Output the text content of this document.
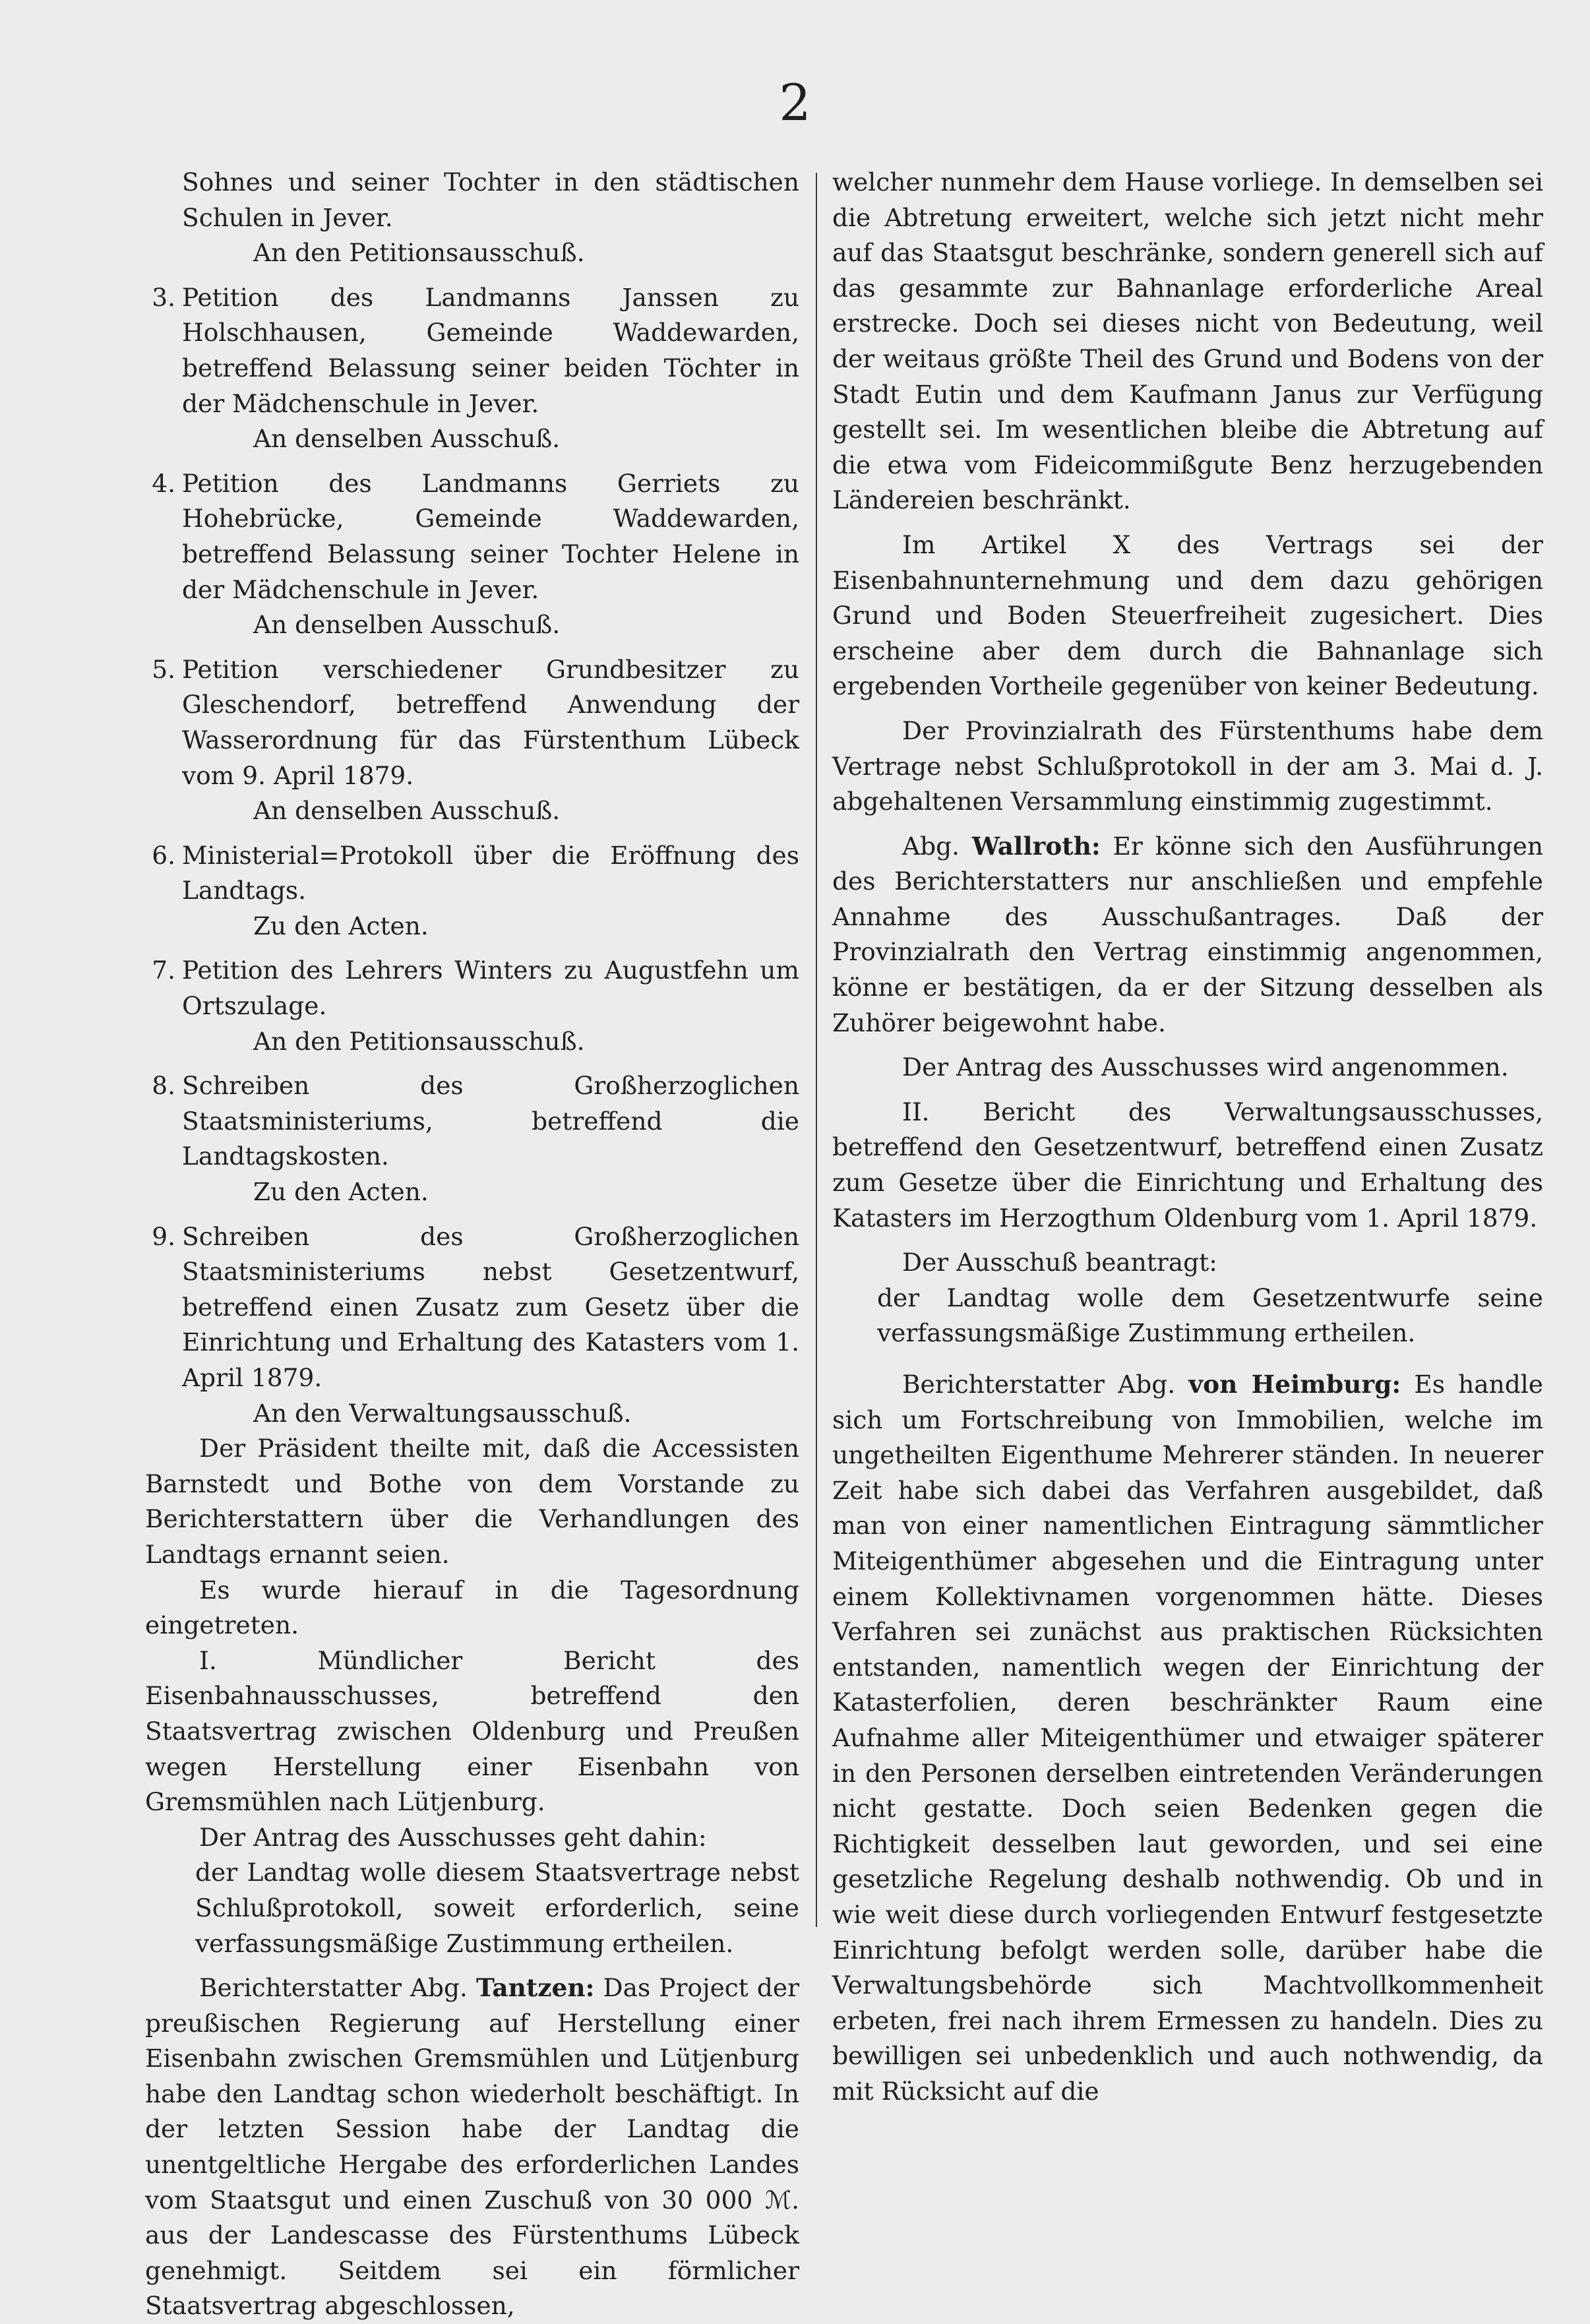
2

Sohnes und seiner Tochter in den städtischen Schulen in Jever.

An den Petitionsausschuß.

3. Petition des Landmanns Janssen zu Holschhausen, Gemeinde Waddewarden, betreffend Belassung seiner beiden Töchter in der Mädchenschule in Jever.

An denselben Ausschuß.

4. Petition des Landmanns Gerriets zu Hohebrücke, Gemeinde Waddewarden, betreffend Belassung seiner Tochter Helene in der Mädchenschule in Jever.

An denselben Ausschuß.

5. Petition verschiedener Grundbesitzer zu Gleschendorf, betreffend Anwendung der Wasserordnung für das Fürstenthum Lübeck vom 9. April 1879.

An denselben Ausschuß.

6. Ministerial=Protokoll über die Eröffnung des Landtags.

Zu den Acten.

7. Petition des Lehrers Winters zu Augustfehn um Ortszulage.

An den Petitionsausschuß.

8. Schreiben des Großherzoglichen Staatsministeriums, betreffend die Landtagskosten.

Zu den Acten.

9. Schreiben des Großherzoglichen Staatsministeriums nebst Gesetzentwurf, betreffend einen Zusatz zum Gesetz über die Einrichtung und Erhaltung des Katasters vom 1. April 1879.

An den Verwaltungsausschuß.

Der Präsident theilte mit, daß die Accessisten Barnstedt und Bothe von dem Vorstande zu Berichterstattern über die Verhandlungen des Landtags ernannt seien.

Es wurde hierauf in die Tagesordnung eingetreten.

I. Mündlicher Bericht des Eisenbahnausschusses, betreffend den Staatsvertrag zwischen Oldenburg und Preußen wegen Herstellung einer Eisenbahn von Gremsmühlen nach Lütjenburg.

Der Antrag des Ausschusses geht dahin:

der Landtag wolle diesem Staatsvertrage nebst Schlußprotokoll, soweit erforderlich, seine verfassungsmäßige Zustimmung ertheilen.

Berichterstatter Abg. Tantzen: Das Project der preußischen Regierung auf Herstellung einer Eisenbahn zwischen Gremsmühlen und Lütjenburg habe den Landtag schon wiederholt beschäftigt. In der letzten Session habe der Landtag die unentgeltliche Hergabe des erforderlichen Landes vom Staatsgut und einen Zuschuß von 30 000 ℳ. aus der Landescasse des Fürstenthums Lübeck genehmigt. Seitdem sei ein förmlicher Staatsvertrag abgeschlossen,

welcher nunmehr dem Hause vorliege. In demselben sei die Abtretung erweitert, welche sich jetzt nicht mehr auf das Staatsgut beschränke, sondern generell sich auf das gesammte zur Bahnanlage erforderliche Areal erstrecke. Doch sei dieses nicht von Bedeutung, weil der weitaus größte Theil des Grund und Bodens von der Stadt Eutin und dem Kaufmann Janus zur Verfügung gestellt sei. Im wesentlichen bleibe die Abtretung auf die etwa vom Fideicommißgute Benz herzugebenden Ländereien beschränkt.

Im Artikel X des Vertrags sei der Eisenbahnunternehmung und dem dazu gehörigen Grund und Boden Steuerfreiheit zugesichert. Dies erscheine aber dem durch die Bahnanlage sich ergebenden Vortheile gegenüber von keiner Bedeutung.

Der Provinzialrath des Fürstenthums habe dem Vertrage nebst Schlußprotokoll in der am 3. Mai d. J. abgehaltenen Versammlung einstimmig zugestimmt.

Abg. Wallroth: Er könne sich den Ausführungen des Berichterstatters nur anschließen und empfehle Annahme des Ausschußantrages. Daß der Provinzialrath den Vertrag einstimmig angenommen, könne er bestätigen, da er der Sitzung desselben als Zuhörer beigewohnt habe.

Der Antrag des Ausschusses wird angenommen.

II. Bericht des Verwaltungsausschusses, betreffend den Gesetzentwurf, betreffend einen Zusatz zum Gesetze über die Einrichtung und Erhaltung des Katasters im Herzogthum Oldenburg vom 1. April 1879.

Der Ausschuß beantragt:

der Landtag wolle dem Gesetzentwurfe seine verfassungsmäßige Zustimmung ertheilen.

Berichterstatter Abg. von Heimburg: Es handle sich um Fortschreibung von Immobilien, welche im ungetheilten Eigenthume Mehrerer ständen. In neuerer Zeit habe sich dabei das Verfahren ausgebildet, daß man von einer namentlichen Eintragung sämmtlicher Miteigenthümer abgesehen und die Eintragung unter einem Kollektivnamen vorgenommen hätte. Dieses Verfahren sei zunächst aus praktischen Rücksichten entstanden, namentlich wegen der Einrichtung der Katasterfolien, deren beschränkter Raum eine Aufnahme aller Miteigenthümer und etwaiger späterer in den Personen derselben eintretenden Veränderungen nicht gestatte. Doch seien Bedenken gegen die Richtigkeit desselben laut geworden, und sei eine gesetzliche Regelung deshalb nothwendig. Ob und in wie weit diese durch vorliegenden Entwurf festgesetzte Einrichtung befolgt werden solle, darüber habe die Verwaltungsbehörde sich Machtvollkommenheit erbeten, frei nach ihrem Ermessen zu handeln. Dies zu bewilligen sei unbedenklich und auch nothwendig, da mit Rücksicht auf die
